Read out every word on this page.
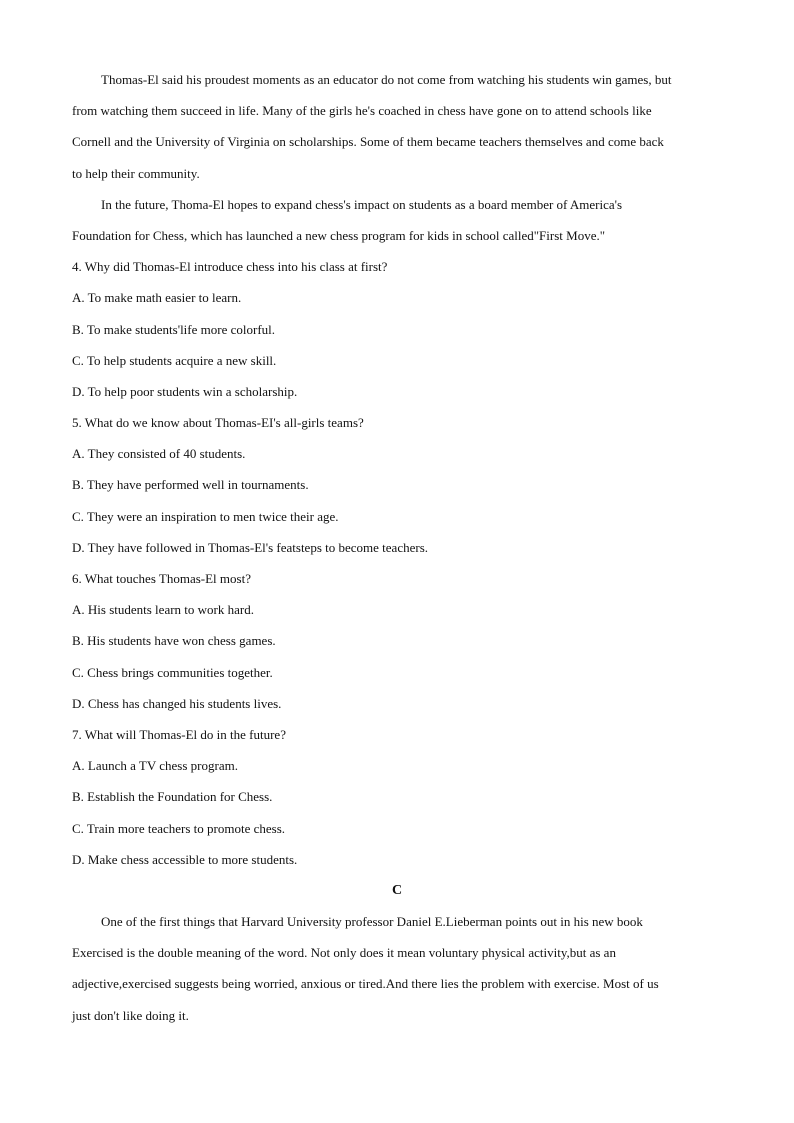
Thomas-El said his proudest moments as an educator do not come from watching his students win games, but

from watching them succeed in life. Many of the girls he's coached in chess have gone on to attend schools like

Cornell and the University of Virginia on scholarships. Some of them became teachers themselves and come back

to help their community.

In the future, Thoma-El hopes to expand chess's impact on students as a board member of America's

Foundation for Chess, which has launched a new chess program for kids in school called"First Move."

4. Why did Thomas-El introduce chess into his class at first?

A. To make math easier to learn.

B. To make students'life more colorful.

C. To help students acquire a new skill.

D. To help poor students win a scholarship.

5. What do we know about Thomas-EI's all-girls teams?

A. They consisted of 40 students.

B. They have performed well in tournaments.

C. They were an inspiration to men twice their age.

D. They have followed in Thomas-El's featsteps to become teachers.

6. What touches Thomas-El most?

A. His students learn to work hard.

B. His students have won chess games.

C. Chess brings communities together.

D. Chess has changed his students lives.

7. What will Thomas-El do in the future?

A. Launch a TV chess program.

B. Establish the Foundation for Chess.

C. Train more teachers to promote chess.

D. Make chess accessible to more students.

C

One of the first things that Harvard University professor Daniel E.Lieberman points out in his new book

Exercised is the double meaning of the word. Not only does it mean voluntary physical activity,but as an

adjective,exercised suggests being worried, anxious or tired.And there lies the problem with exercise. Most of us

just don't like doing it.
